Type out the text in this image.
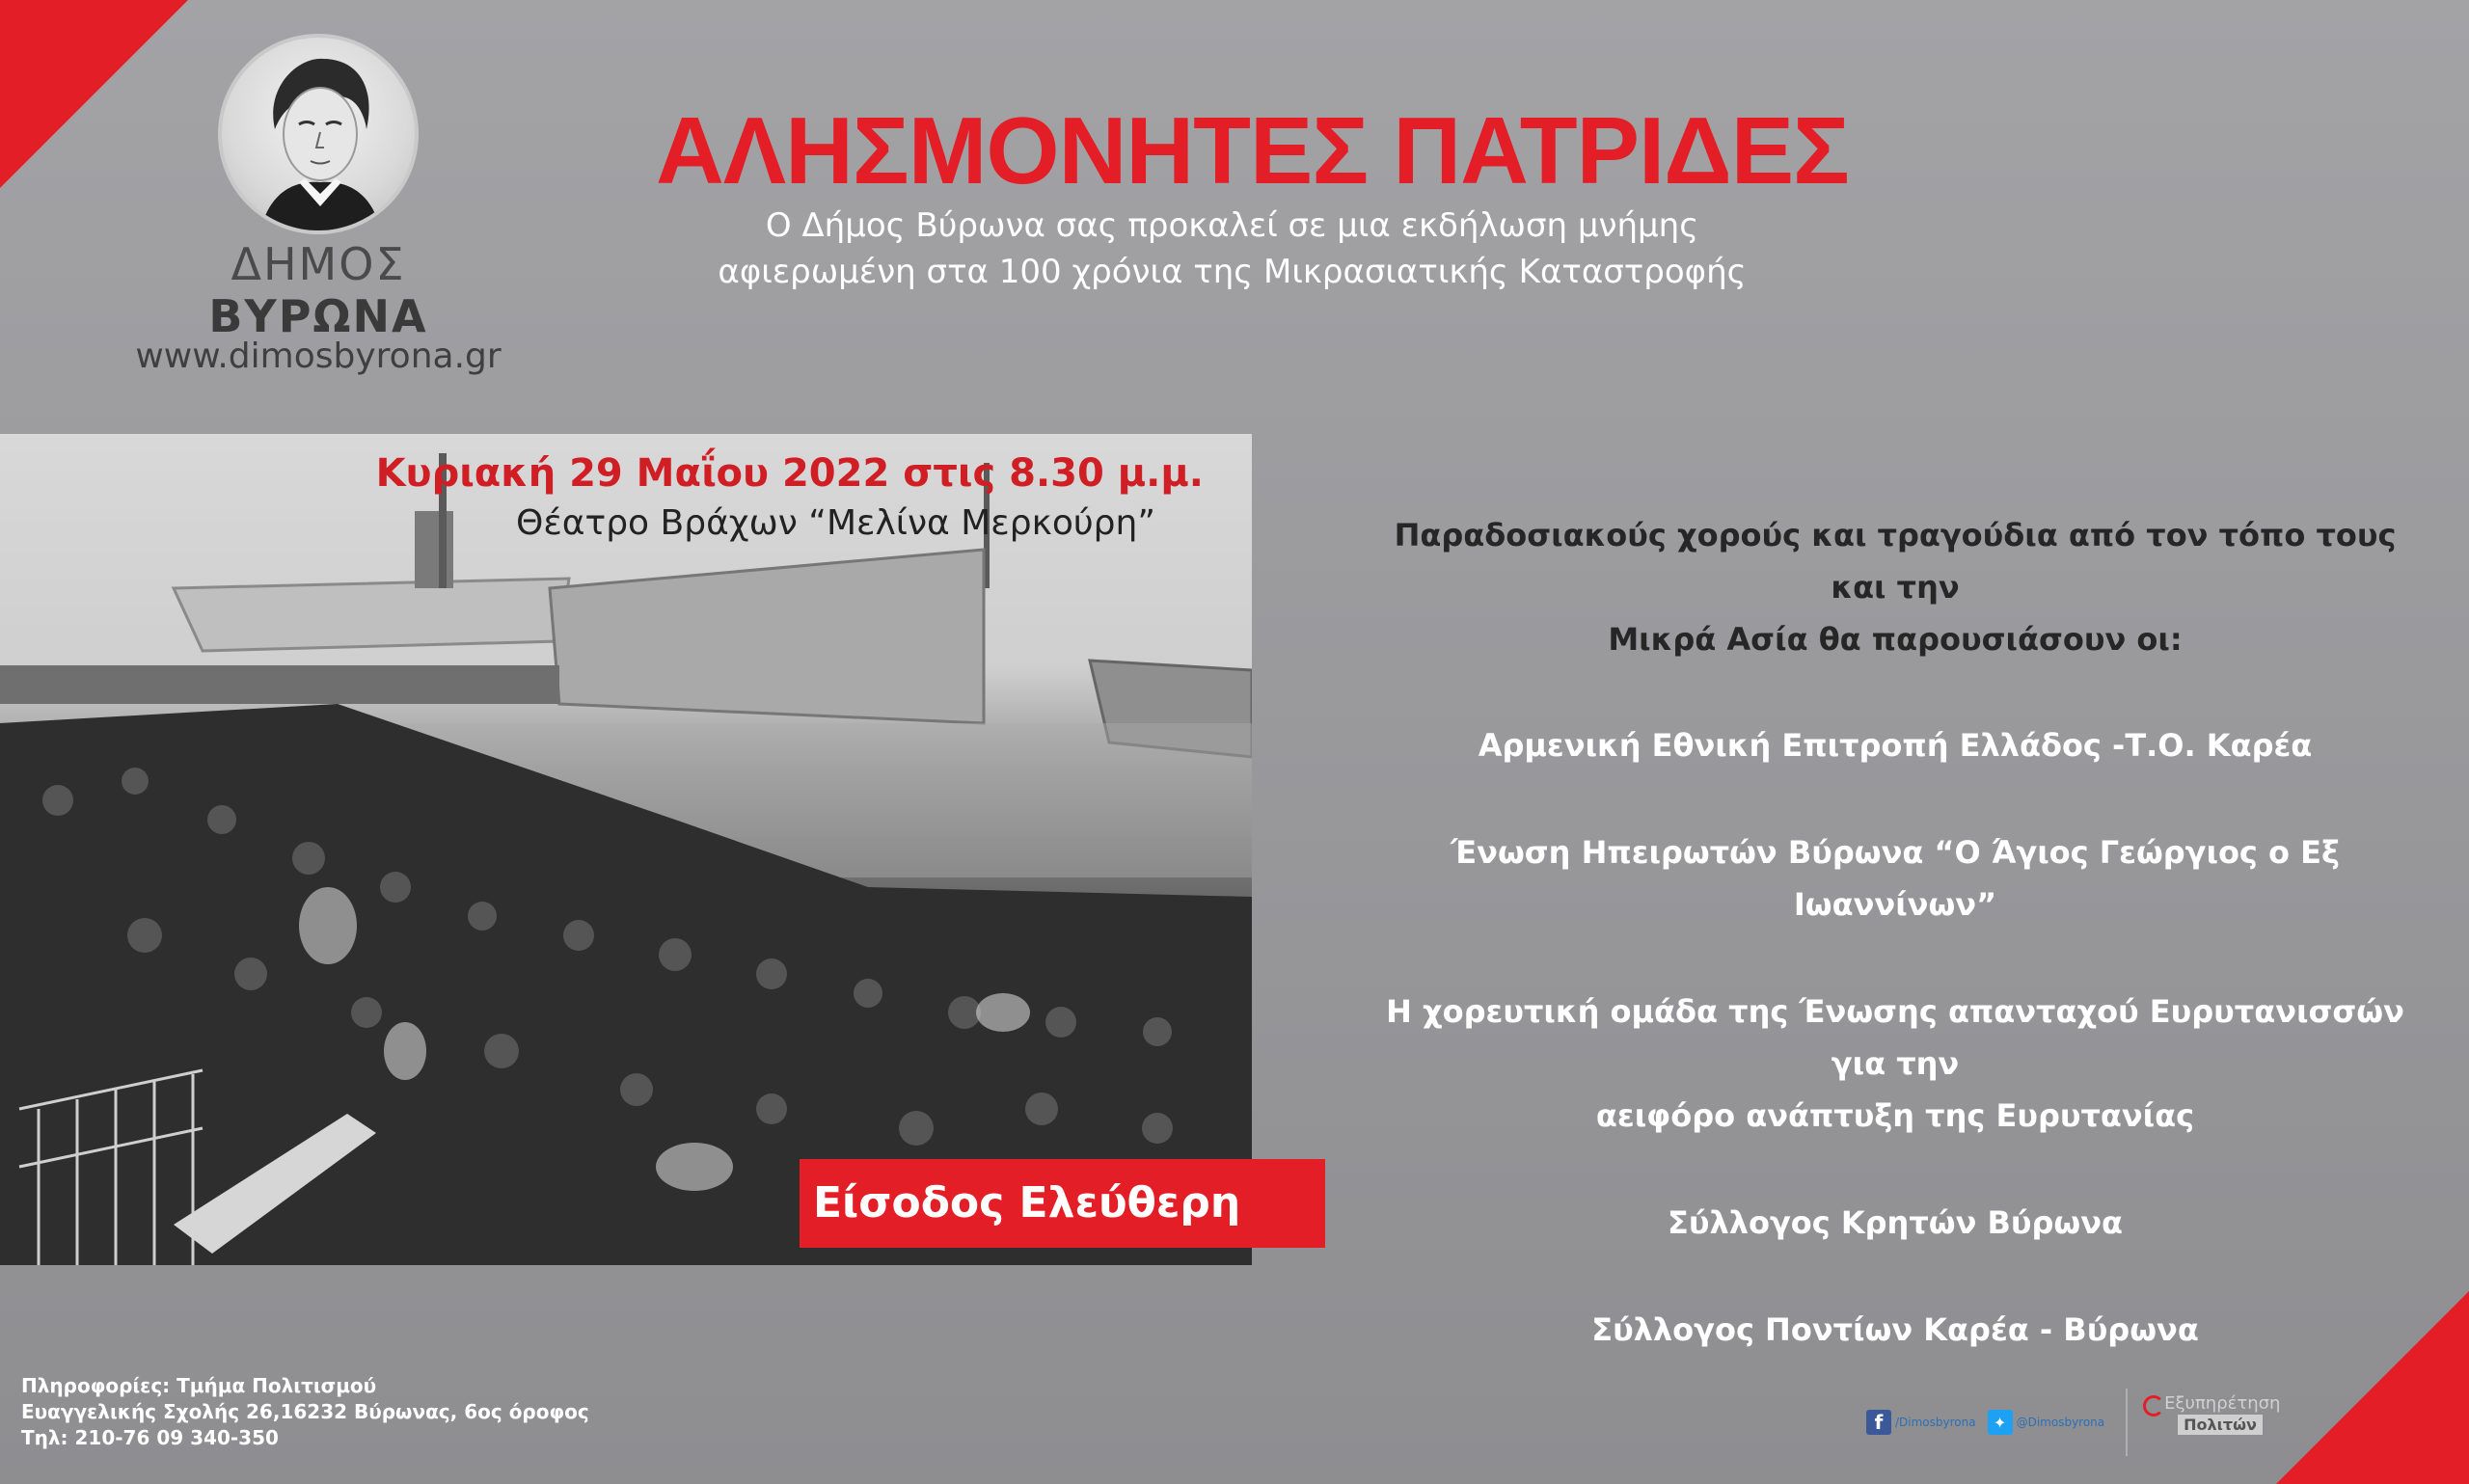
ΔΗΜΟΣ ΒΥΡΩΝΑ
www.dimosbyrona.gr
ΑΛΗΣΜΟΝΗΤΕΣ ΠΑΤΡΙΔΕΣ
Ο Δήμος Βύρωνα σας προκαλεί σε μια εκδήλωση μνήμης
αφιερωμένη στα 100 χρόνια της Μικρασιατικής Καταστροφής
Κυριακή 29 Μαΐου 2022 στις 8.30 μ.μ.
Θέατρο Βράχων “Μελίνα Μερκούρη”
Είσοδος Ελεύθερη
Παραδοσιακούς χορούς και τραγούδια από τον τόπο τους και την
Μικρά Ασία θα παρουσιάσουν οι:
Αρμενική Εθνική Επιτροπή Ελλάδος -Τ.Ο. Καρέα
Ένωση Ηπειρωτών Βύρωνα “Ο Άγιος Γεώργιος ο Εξ Ιωαννίνων”
Η χορευτική ομάδα της Ένωσης απανταχού Ευρυτανισσών για την
αειφόρο ανάπτυξη της Ευρυτανίας
Σύλλογος Κρητών Βύρωνα
Σύλλογος Ποντίων Καρέα - Βύρωνα
Πληροφορίες: Τμήμα Πολιτισμού
Ευαγγελικής Σχολής 26,16232 Βύρωνας, 6ος όροφος
Τηλ: 210-76 09 340-350
f	/Dimosbyrona	✦ @Dimosbyrona
Εξυπηρέτηση
Πολιτών
